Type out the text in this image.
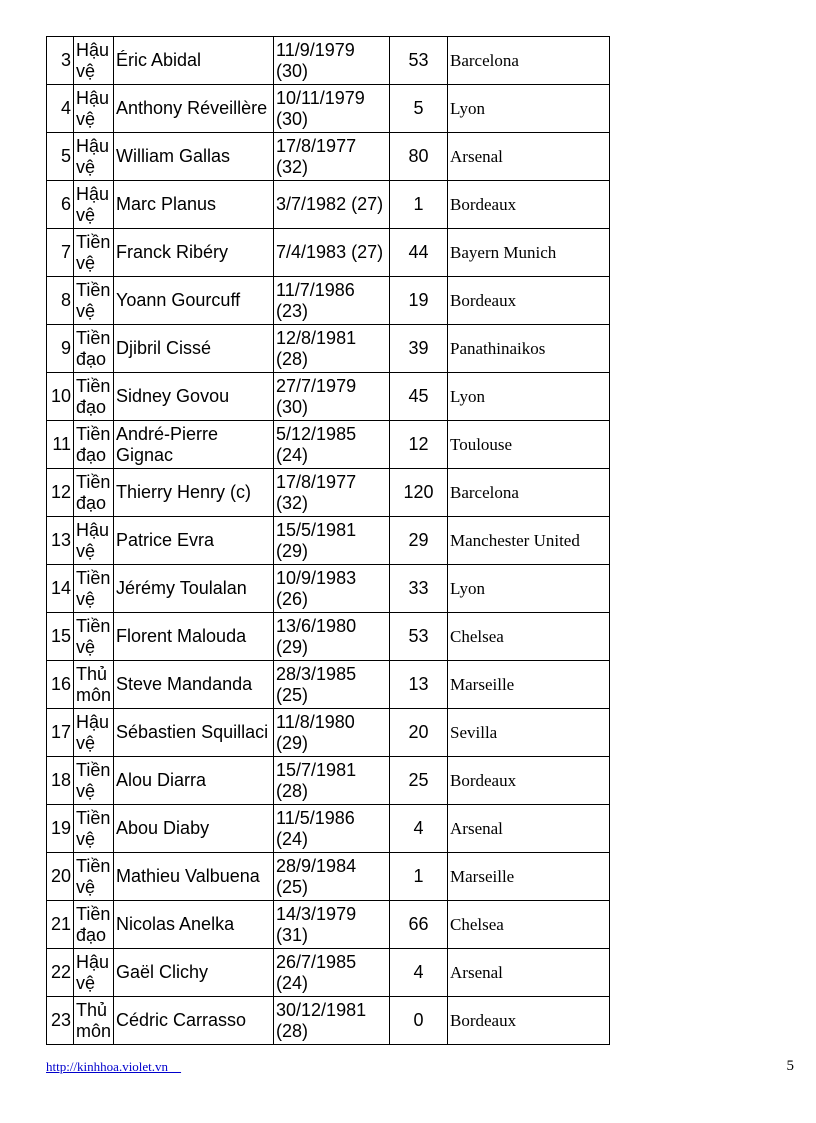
3	Hậu vệ	Éric Abidal	11/9/1979 (30)	53	Barcelona
4	Hậu vệ	Anthony Réveillère	10/11/1979 (30)	5	Lyon
5	Hậu vệ	William Gallas	17/8/1977 (32)	80	Arsenal
6	Hậu vệ	Marc Planus	3/7/1982 (27)	1	Bordeaux
7	Tiền vệ	Franck Ribéry	7/4/1983 (27)	44	Bayern Munich
8	Tiền vệ	Yoann Gourcuff	11/7/1986 (23)	19	Bordeaux
9	Tiền đạo	Djibril Cissé	12/8/1981 (28)	39	Panathinaikos
10	Tiền đạo	Sidney Govou	27/7/1979 (30)	45	Lyon
11	Tiền đạo	André-Pierre Gignac	5/12/1985 (24)	12	Toulouse
12	Tiền đạo	Thierry Henry (c)	17/8/1977 (32)	120	Barcelona
13	Hậu vệ	Patrice Evra	15/5/1981 (29)	29	Manchester United
14	Tiền vệ	Jérémy Toulalan	10/9/1983 (26)	33	Lyon
15	Tiền vệ	Florent Malouda	13/6/1980 (29)	53	Chelsea
16	Thủ môn	Steve Mandanda	28/3/1985 (25)	13	Marseille
17	Hậu vệ	Sébastien Squillaci	11/8/1980 (29)	20	Sevilla
18	Tiền vệ	Alou Diarra	15/7/1981 (28)	25	Bordeaux
19	Tiền vệ	Abou Diaby	11/5/1986 (24)	4	Arsenal
20	Tiền vệ	Mathieu Valbuena	28/9/1984 (25)	1	Marseille
21	Tiền đạo	Nicolas Anelka	14/3/1979 (31)	66	Chelsea
22	Hậu vệ	Gaël Clichy	26/7/1985 (24)	4	Arsenal
23	Thủ môn	Cédric Carrasso	30/12/1981 (28)	0	Bordeaux
http://kinhhoa.violet.vn	5
